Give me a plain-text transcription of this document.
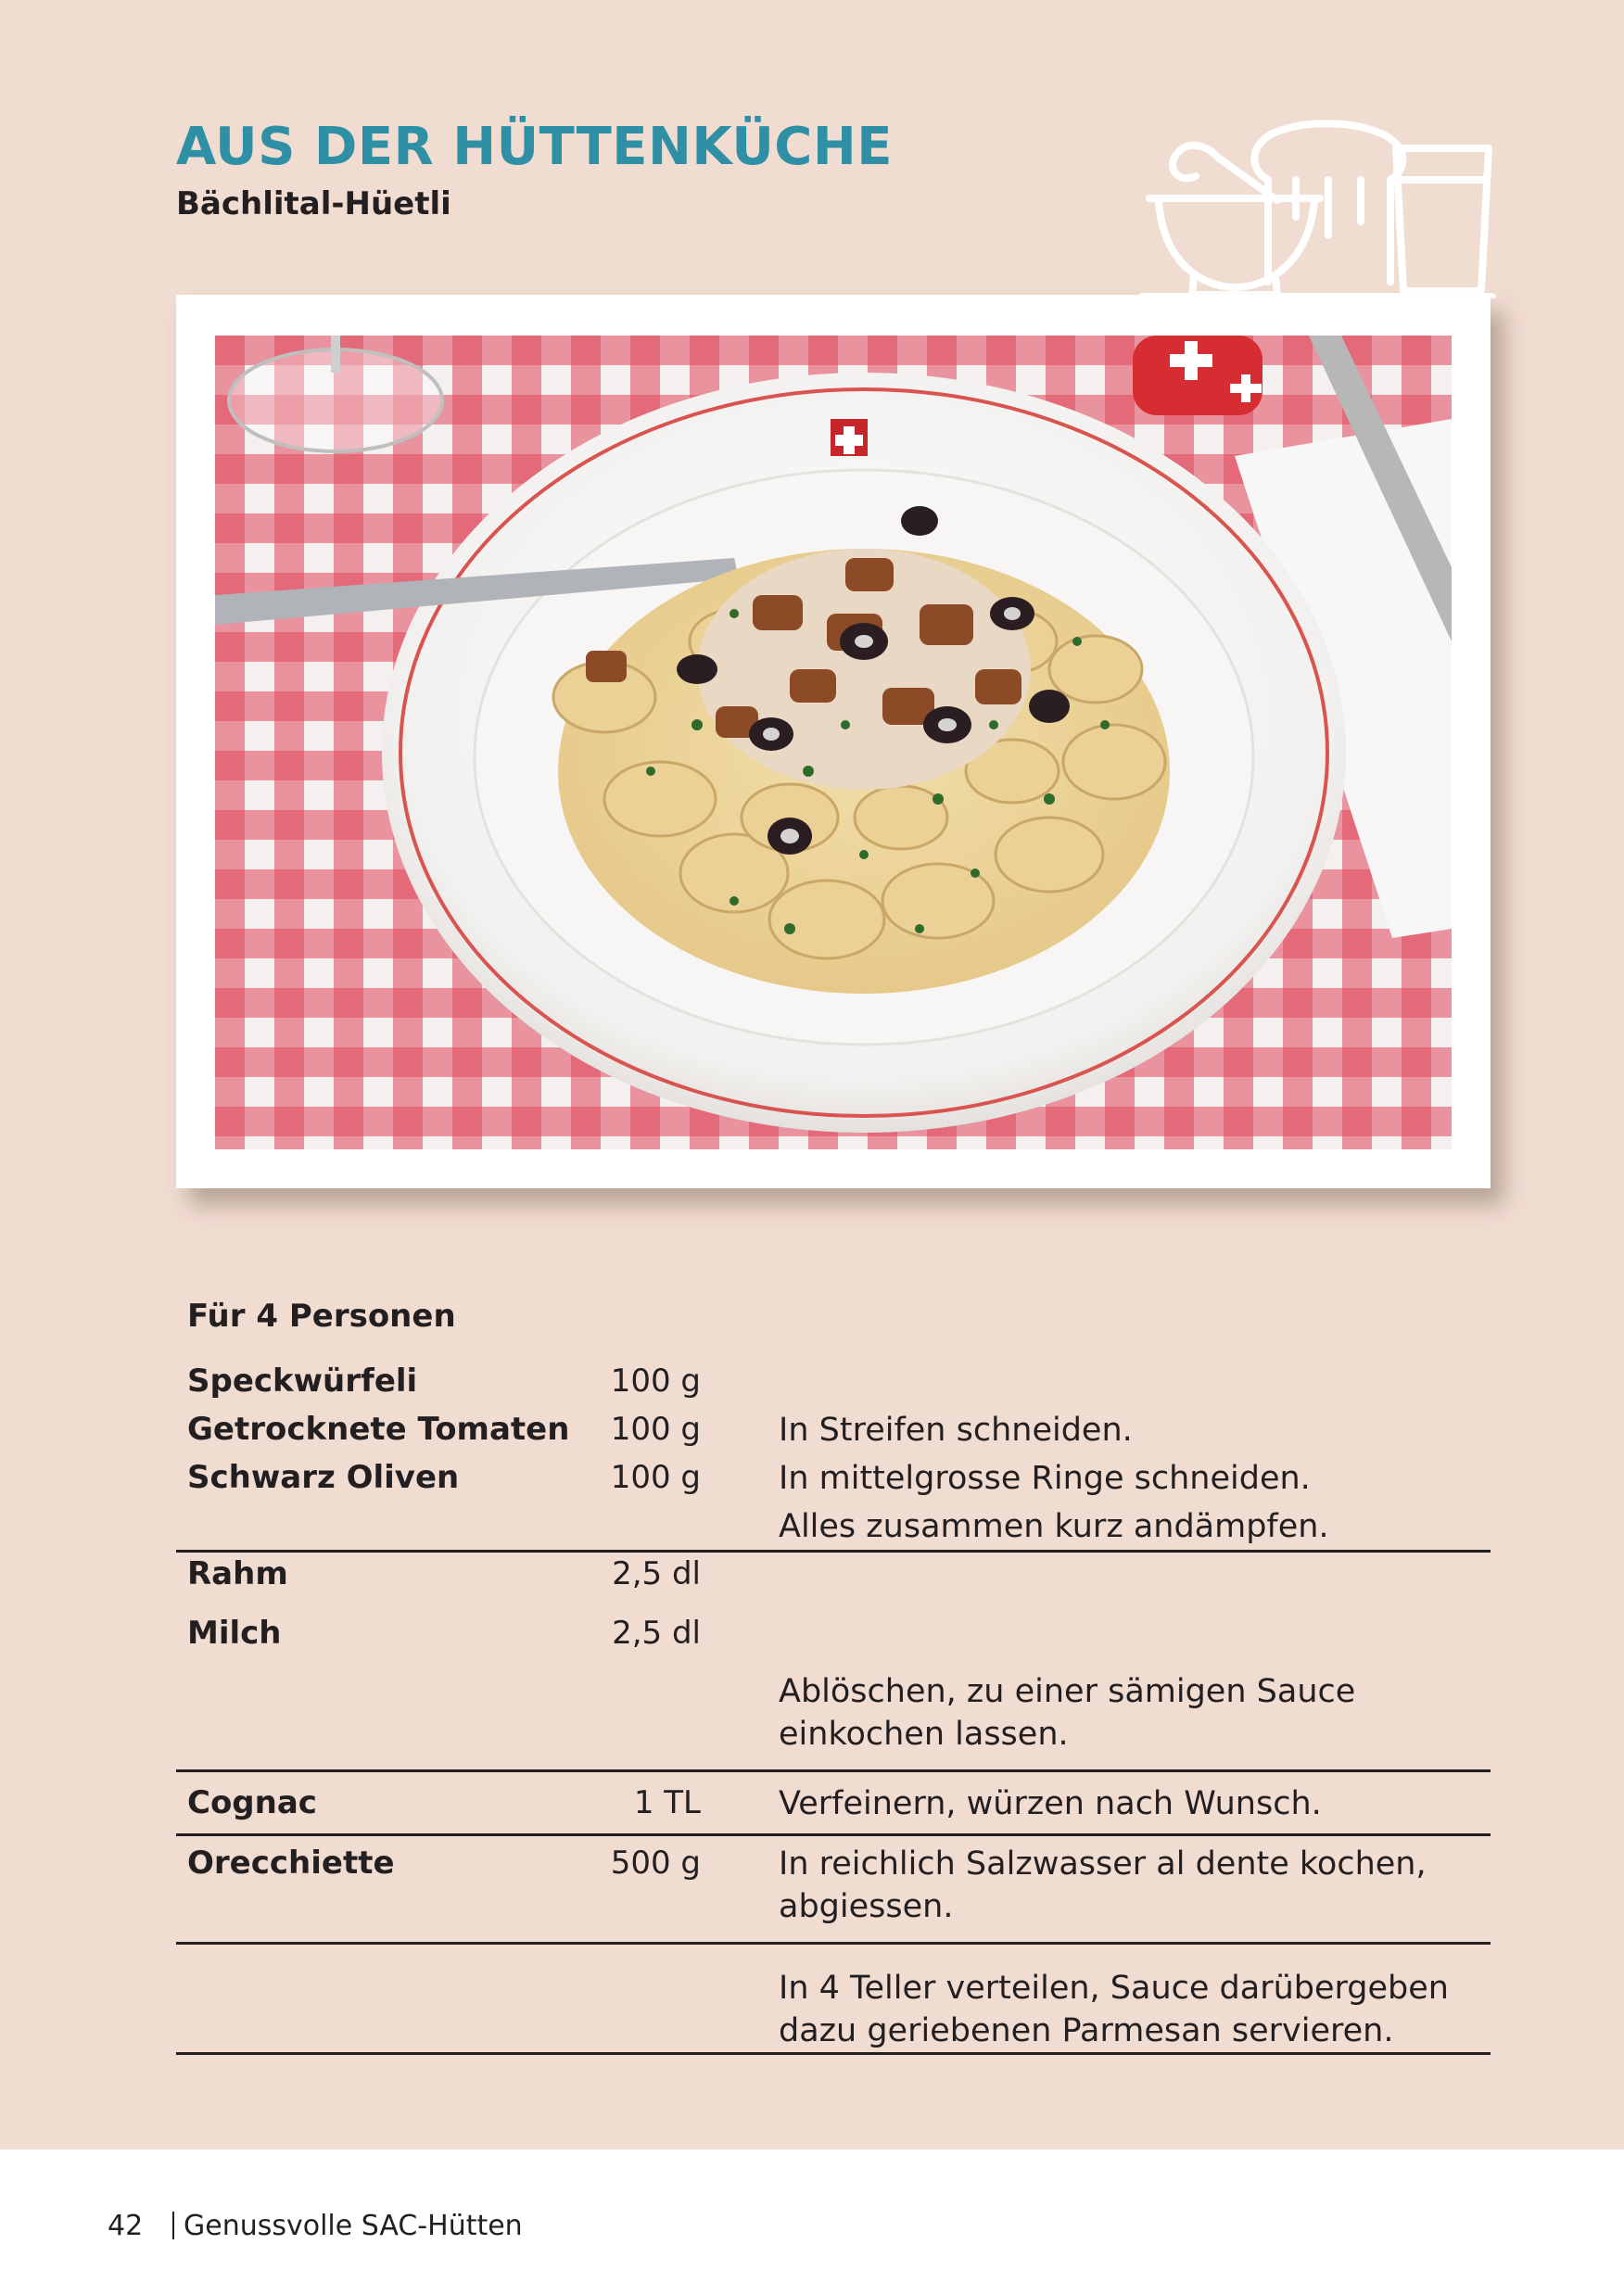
AUS DER HÜTTENKÜCHE
Bächlital-Hüetli
Für 4 Personen
Speckwürfeli
Getrocknete Tomaten
Schwarz Oliven
Rahm
Milch
Cognac
Orecchiette
100 g
100 g
100 g
2,5 dl
2,5 dl
1 TL
500 g
In Streifen schneiden.
In mittelgrosse Ringe schneiden.
Alles zusammen kurz andämpfen.
Ablöschen, zu einer sämigen Sauce einkochen lassen.
Verfeinern, würzen nach Wunsch.
In reichlich Salzwasser al dente kochen, abgiessen.
In 4 Teller verteilen, Sauce darübergeben dazu geriebenen Parmesan servieren.
42 Genussvolle SAC-Hütten
